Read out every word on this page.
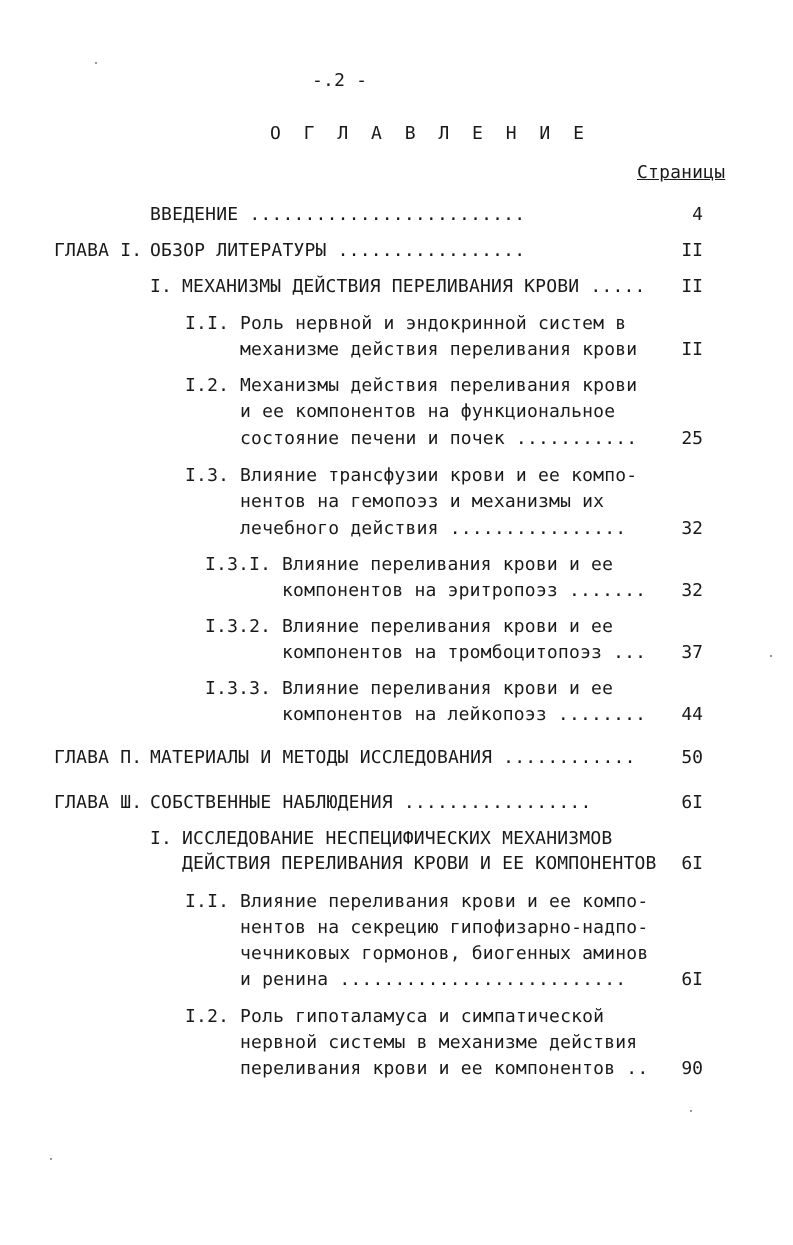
-.2 -
О Г Л А В Л Е Н И Е
Страницы
ВВЕДЕНИЕ .........................	4
ГЛАВА I. ОБЗОР ЛИТЕРАТУРЫ .................	II
I. МЕХАНИЗМЫ ДЕЙСТВИЯ ПЕРЕЛИВАНИЯ КРОВИ .....	II
I.I. Роль нервной и эндокринной систем в
механизме действия переливания крови	II
I.2. Механизмы действия переливания крови
и ее компонентов на функциональное
состояние печени и почек ...........	25
I.3. Влияние трансфузии крови и ее компо-
нентов на гемопоэз и механизмы их
лечебного действия ................	32
I.3.I. Влияние переливания крови и ее
компонентов на эритропоэз .......	32
I.3.2. Влияние переливания крови и ее
компонентов на тромбоцитопоэз ...	37
I.3.3. Влияние переливания крови и ее
компонентов на лейкопоэз ........	44
ГЛАВА П. МАТЕРИАЛЫ И МЕТОДЫ ИССЛЕДОВАНИЯ ............	50
ГЛАВА Ш. СОБСТВЕННЫЕ НАБЛЮДЕНИЯ .................	6I
I. ИССЛЕДОВАНИЕ НЕСПЕЦИФИЧЕСКИХ МЕХАНИЗМОВ
ДЕЙСТВИЯ ПЕРЕЛИВАНИЯ КРОВИ И ЕЕ КОМПОНЕНТОВ	6I
I.I. Влияние переливания крови и ее компо-
нентов на секрецию гипофизарно-надпо-
чечниковых гормонов, биогенных аминов
и ренина ..........................	6I
I.2. Роль гипоталамуса и симпатической
нервной системы в механизме действия
переливания крови и ее компонентов ..	90
